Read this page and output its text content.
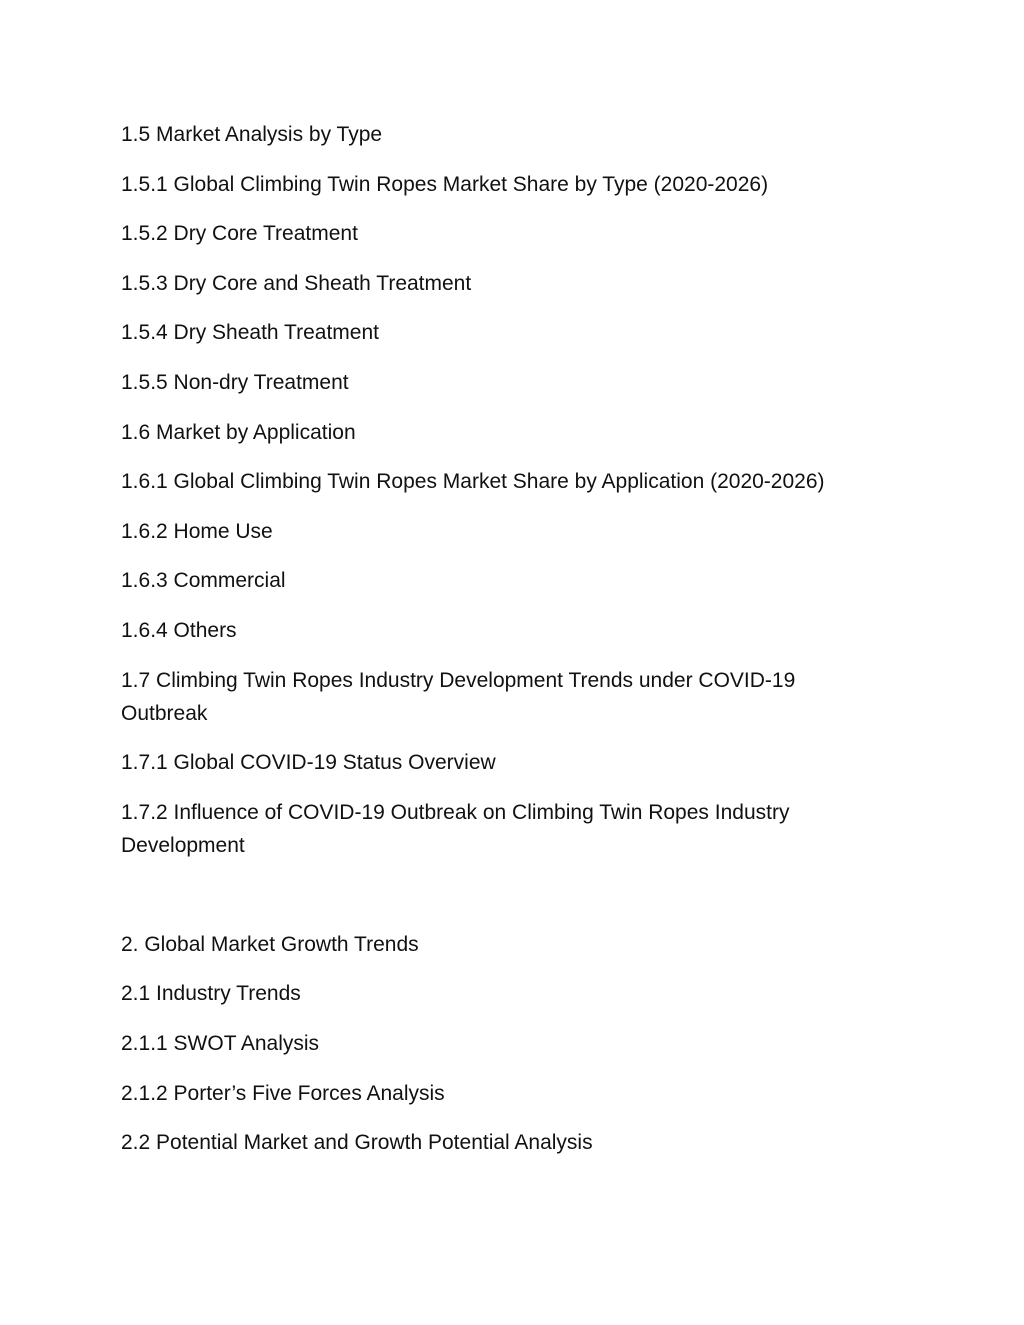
1.5 Market Analysis by Type
1.5.1 Global Climbing Twin Ropes Market Share by Type (2020-2026)
1.5.2 Dry Core Treatment
1.5.3 Dry Core and Sheath Treatment
1.5.4 Dry Sheath Treatment
1.5.5 Non-dry Treatment
1.6 Market by Application
1.6.1 Global Climbing Twin Ropes Market Share by Application (2020-2026)
1.6.2 Home Use
1.6.3 Commercial
1.6.4 Others
1.7 Climbing Twin Ropes Industry Development Trends under COVID-19 Outbreak
1.7.1 Global COVID-19 Status Overview
1.7.2 Influence of COVID-19 Outbreak on Climbing Twin Ropes Industry Development
2. Global Market Growth Trends
2.1 Industry Trends
2.1.1 SWOT Analysis
2.1.2 Porter’s Five Forces Analysis
2.2 Potential Market and Growth Potential Analysis
